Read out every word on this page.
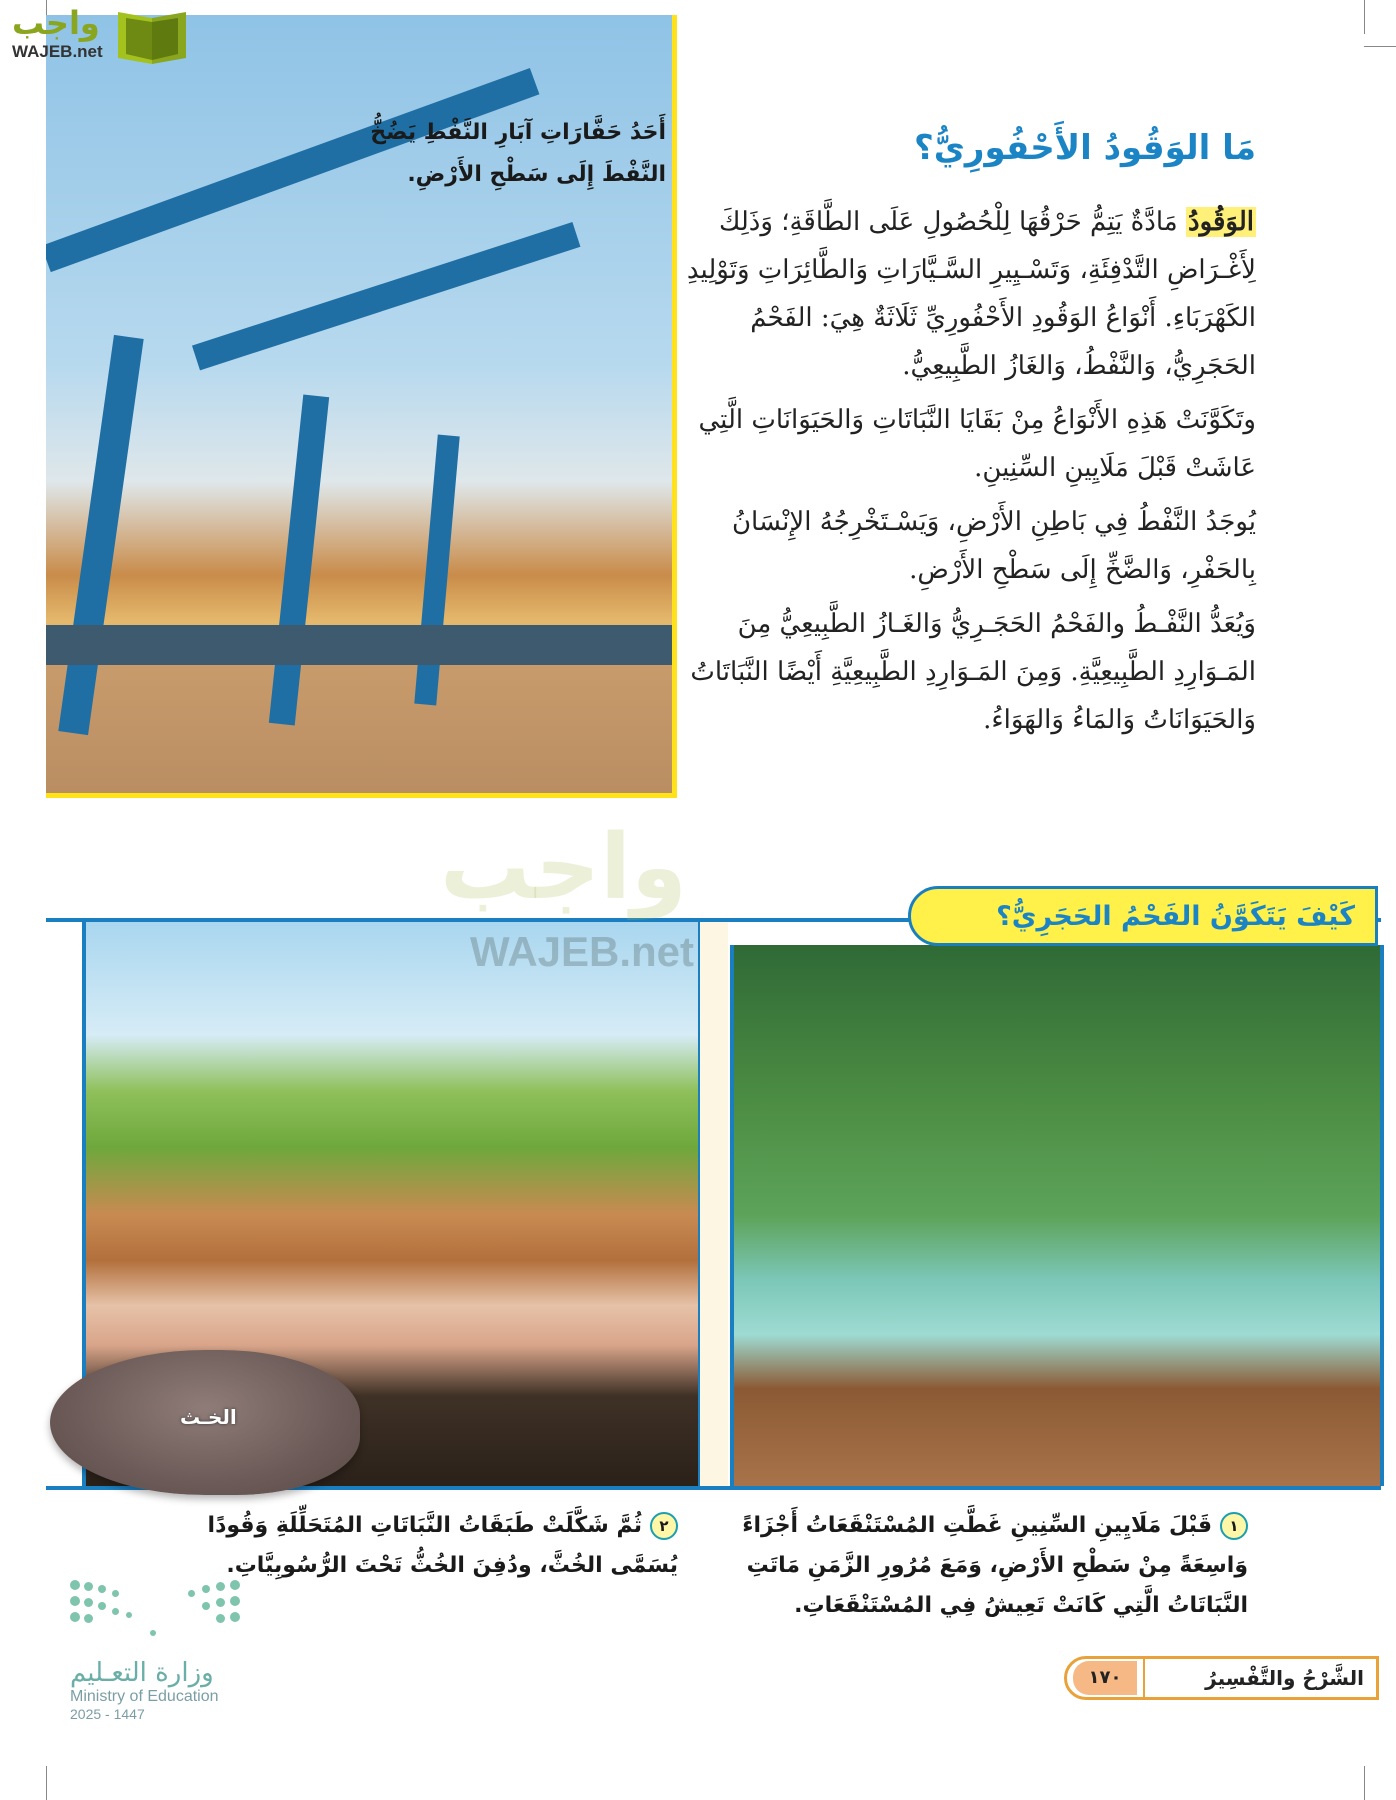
أَحَدُ حَفَّارَاتِ آبَارِ النَّفْطِ يَضُخُّ النَّفْطَ إِلَى سَطْحِ الأَرْضِ.
واجب
WAJEB.net
مَا الوَقُودُ الأَحْفُورِيُّ؟

الوَقُودُ مَادَّةٌ يَتِمُّ حَرْقُهَا لِلْحُصُولِ عَلَى الطَّاقَةِ؛ وَذَلِكَ لِأَغْـرَاضِ التَّدْفِئَةِ، وَتَسْـيِيرِ السَّـيَّارَاتِ وَالطَّائِرَاتِ وَتَوْلِيدِ الكَهْرَبَاءِ. أَنْوَاعُ الوَقُودِ الأَحْفُورِيِّ ثَلَاثَةٌ هِيَ: الفَحْمُ الحَجَرِيُّ، وَالنَّفْطُ، وَالغَازُ الطَّبِيعِيُّ.

وتَكَوَّنَتْ هَذِهِ الأَنْوَاعُ مِنْ بَقَايَا النَّبَاتَاتِ وَالحَيَوَانَاتِ الَّتِي عَاشَتْ قَبْلَ مَلَايِينِ السِّنِينِ.

يُوجَدُ النَّفْطُ فِي بَاطِنِ الأَرْضِ، وَيَسْـتَخْرِجُهُ الإِنْسَانُ بِالحَفْرِ، وَالضَّخِّ إِلَى سَطْحِ الأَرْضِ.

وَيُعَدُّ النَّفْـطُ والفَحْمُ الحَجَـرِيُّ وَالغَـازُ الطَّبِيعِيُّ مِنَ المَـوَارِدِ الطَّبِيعِيَّةِ. وَمِنَ المَـوَارِدِ الطَّبِيعِيَّةِ أَيْضًا النَّبَاتَاتُ وَالحَيَوَانَاتُ وَالمَاءُ وَالهَوَاءُ.

كَيْفَ يَتَكَوَّنُ الفَحْمُ الحَجَرِيُّ؟
واجب
WAJEB.net
الخـث
١قَبْلَ مَلَايِينِ السِّنِينِ غَطَّتِ المُسْتَنْقَعَاتُ أَجْزَاءً وَاسِعَةً مِنْ سَطْحِ الأَرْضِ، وَمَعَ مُرُورِ الزَّمَنِ مَاتَتِ النَّبَاتَاتُ الَّتِي كَانَتْ تَعِيشُ فِي المُسْتَنْقَعَاتِ.
٢ثُمَّ شَكَّلَتْ طَبَقَاتُ النَّبَاتَاتِ المُتَحَلِّلَةِ وَقُودًا يُسَمَّى الخُثَّ، ودُفِنَ الخُثُّ تَحْتَ الرُّسُوبِيَّاتِ.
وزارة التعـليم
Ministry of Education
2025 - 1447
١٧٠	الشَّرْحُ والتَّفْسِيرُ
